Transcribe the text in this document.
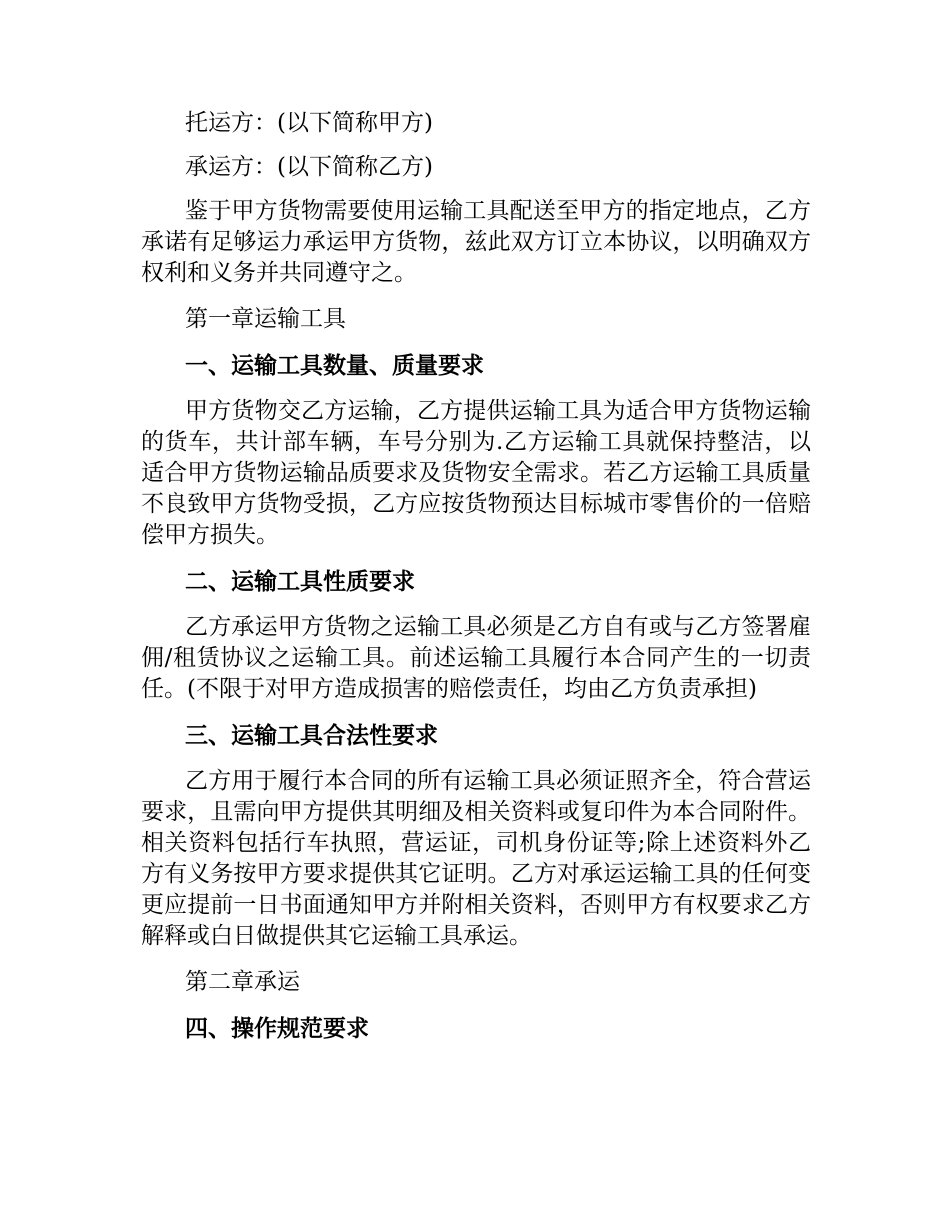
托运方：(以下简称甲方)

承运方：(以下简称乙方)

鉴于甲方货物需要使用运输工具配送至甲方的指定地点，乙方承诺有足够运力承运甲方货物，兹此双方订立本协议，以明确双方权利和义务并共同遵守之。

第一章运输工具

一、运输工具数量、质量要求

甲方货物交乙方运输，乙方提供运输工具为适合甲方货物运输的货车，共计部车辆，车号分别为.乙方运输工具就保持整洁，以适合甲方货物运输品质要求及货物安全需求。若乙方运输工具质量不良致甲方货物受损，乙方应按货物预达目标城市零售价的一倍赔偿甲方损失。

二、运输工具性质要求

乙方承运甲方货物之运输工具必须是乙方自有或与乙方签署雇佣/租赁协议之运输工具。前述运输工具履行本合同产生的一切责任。(不限于对甲方造成损害的赔偿责任，均由乙方负责承担)

三、运输工具合法性要求

乙方用于履行本合同的所有运输工具必须证照齐全，符合营运要求，且需向甲方提供其明细及相关资料或复印件为本合同附件。相关资料包括行车执照，营运证，司机身份证等;除上述资料外乙方有义务按甲方要求提供其它证明。乙方对承运运输工具的任何变更应提前一日书面通知甲方并附相关资料，否则甲方有权要求乙方解释或白日做提供其它运输工具承运。

第二章承运

四、操作规范要求
